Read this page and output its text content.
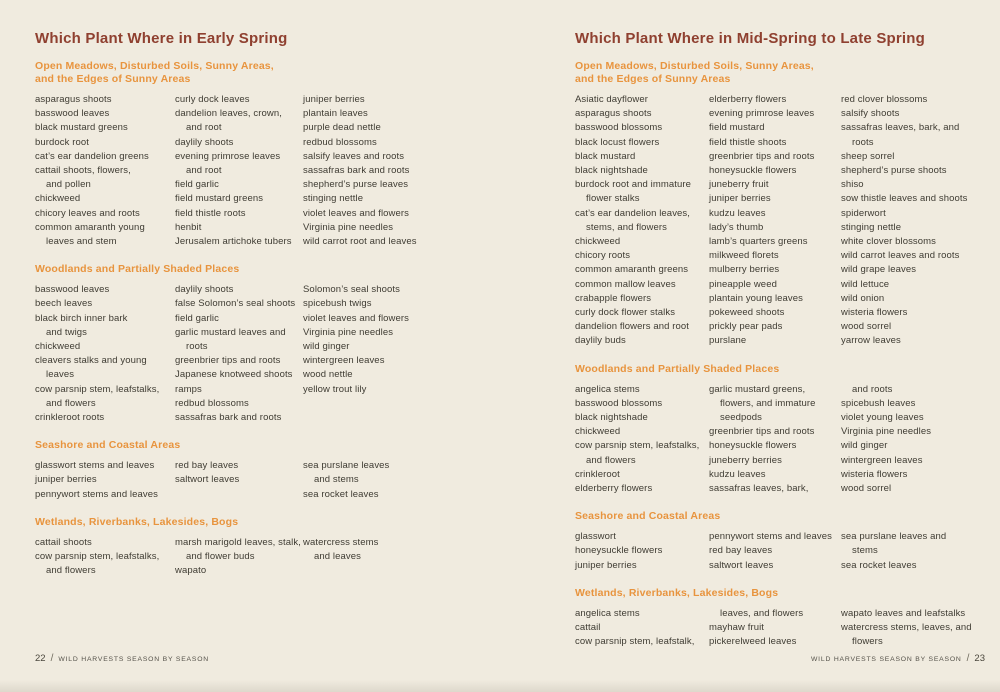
Which Plant Where in Early Spring
Open Meadows, Disturbed Soils, Sunny Areas,
and the Edges of Sunny Areas
asparagus shoots
basswood leaves
black mustard greens
burdock root
cat’s ear dandelion greens
cattail shoots, flowers,
and pollen
chickweed
chicory leaves and roots
common amaranth young
leaves and stem
curly dock leaves
dandelion leaves, crown,
and root
daylily shoots
evening primrose leaves
and root
field garlic
field mustard greens
field thistle roots
henbit
Jerusalem artichoke tubers
juniper berries
plantain leaves
purple dead nettle
redbud blossoms
salsify leaves and roots
sassafras bark and roots
shepherd’s purse leaves
stinging nettle
violet leaves and flowers
Virginia pine needles
wild carrot root and leaves
Woodlands and Partially Shaded Places
basswood leaves
beech leaves
black birch inner bark
and twigs
chickweed
cleavers stalks and young
leaves
cow parsnip stem, leafstalks,
and flowers
crinkleroot roots
daylily shoots
false Solomon’s seal shoots
field garlic
garlic mustard leaves and
roots
greenbrier tips and roots
Japanese knotweed shoots
ramps
redbud blossoms
sassafras bark and roots
Solomon’s seal shoots
spicebush twigs
violet leaves and flowers
Virginia pine needles
wild ginger
wintergreen leaves
wood nettle
yellow trout lily
Seashore and Coastal Areas
glasswort stems and leaves
juniper berries
pennywort stems and leaves
red bay leaves
saltwort leaves
sea purslane leaves
and stems
sea rocket leaves
Wetlands, Riverbanks, Lakesides, Bogs
cattail shoots
cow parsnip stem, leafstalks,
and flowers
marsh marigold leaves, stalk,
and flower buds
wapato
watercress stems
and leaves
Which Plant Where in Mid-Spring to Late Spring
Open Meadows, Disturbed Soils, Sunny Areas,
and the Edges of Sunny Areas
Asiatic dayflower
asparagus shoots
basswood blossoms
black locust flowers
black mustard
black nightshade
burdock root and immature
flower stalks
cat’s ear dandelion leaves,
stems, and flowers
chickweed
chicory roots
common amaranth greens
common mallow leaves
crabapple flowers
curly dock flower stalks
dandelion flowers and root
daylily buds
elderberry flowers
evening primrose leaves
field mustard
field thistle shoots
greenbrier tips and roots
honeysuckle flowers
juneberry fruit
juniper berries
kudzu leaves
lady’s thumb
lamb’s quarters greens
milkweed florets
mulberry berries
pineapple weed
plantain young leaves
pokeweed shoots
prickly pear pads
purslane
red clover blossoms
salsify shoots
sassafras leaves, bark, and
roots
sheep sorrel
shepherd’s purse shoots
shiso
sow thistle leaves and shoots
spiderwort
stinging nettle
white clover blossoms
wild carrot leaves and roots
wild grape leaves
wild lettuce
wild onion
wisteria flowers
wood sorrel
yarrow leaves
Woodlands and Partially Shaded Places
angelica stems
basswood blossoms
black nightshade
chickweed
cow parsnip stem, leafstalks,
and flowers
crinkleroot
elderberry flowers
garlic mustard greens,
flowers, and immature
seedpods
greenbrier tips and roots
honeysuckle flowers
juneberry berries
kudzu leaves
sassafras leaves, bark,
and roots
spicebush leaves
violet young leaves
Virginia pine needles
wild ginger
wintergreen leaves
wisteria flowers
wood sorrel
Seashore and Coastal Areas
glasswort
honeysuckle flowers
juniper berries
pennywort stems and leaves
red bay leaves
saltwort leaves
sea purslane leaves and
stems
sea rocket leaves
Wetlands, Riverbanks, Lakesides, Bogs
angelica stems
cattail
cow parsnip stem, leafstalk,
leaves, and flowers
mayhaw fruit
pickerelweed leaves
wapato leaves and leafstalks
watercress stems, leaves, and
flowers
22 / WILD HARVESTS SEASON BY SEASON	WILD HARVESTS SEASON BY SEASON / 23
